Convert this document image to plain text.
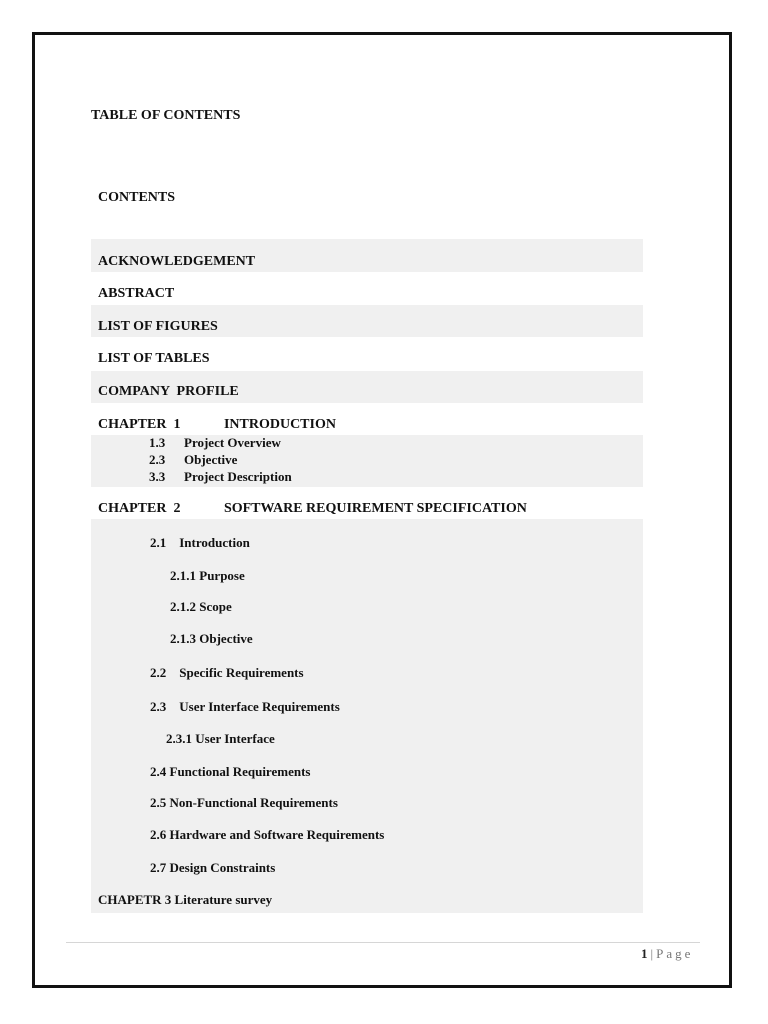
TABLE OF CONTENTS
CONTENTS
ACKNOWLEDGEMENT
ABSTRACT
LIST OF FIGURES
LIST OF TABLES
COMPANY  PROFILE
CHAPTER 1	INTRODUCTION
1.3 Project Overview
2.3 Objective
3.3 Project Description
CHAPTER 2	SOFTWARE REQUIREMENT SPECIFICATION
2.1    Introduction
2.1.1 Purpose
2.1.2 Scope
2.1.3 Objective
2.2    Specific Requirements
2.3    User Interface Requirements
2.3.1 User Interface
2.4 Functional Requirements
2.5 Non-Functional Requirements
2.6 Hardware and Software Requirements
2.7 Design Constraints
CHAPETR 3 Literature survey
1 | Page
